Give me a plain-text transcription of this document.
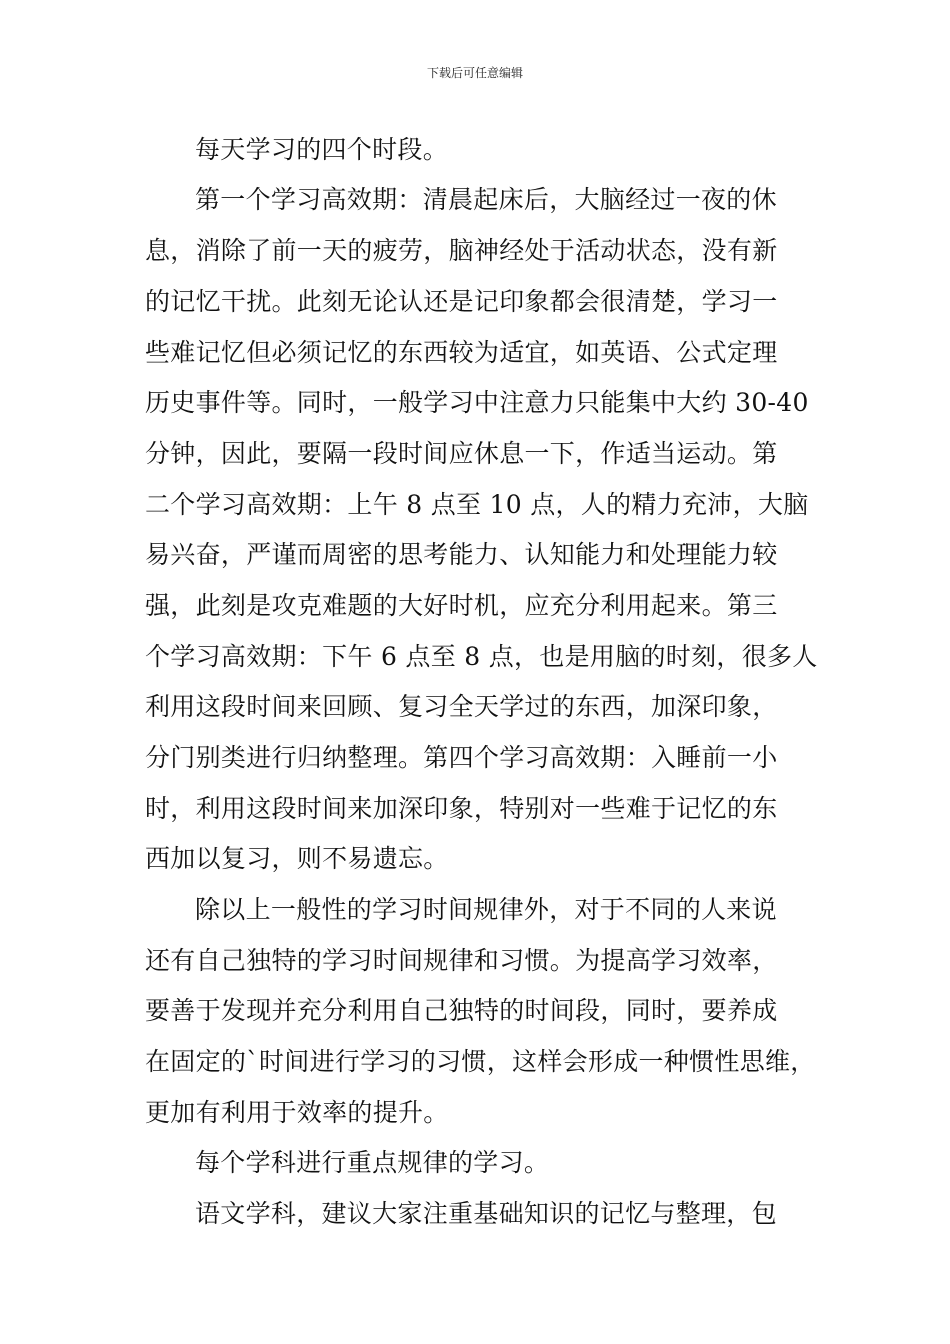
下载后可任意编辑
每天学习的四个时段。
第一个学习高效期：清晨起床后，大脑经过一夜的休
息，消除了前一天的疲劳，脑神经处于活动状态，没有新
的记忆干扰。此刻无论认还是记印象都会很清楚，学习一
些难记忆但必须记忆的东西较为适宜，如英语、公式定理
历史事件等。同时，一般学习中注意力只能集中大约 30-40
分钟，因此，要隔一段时间应休息一下，作适当运动。第
二个学习高效期：上午 8 点至 10 点，人的精力充沛，大脑
易兴奋，严谨而周密的思考能力、认知能力和处理能力较
强，此刻是攻克难题的大好时机，应充分利用起来。第三
个学习高效期：下午 6 点至 8 点，也是用脑的时刻，很多人
利用这段时间来回顾、复习全天学过的东西，加深印象，
分门别类进行归纳整理。第四个学习高效期：入睡前一小
时，利用这段时间来加深印象，特别对一些难于记忆的东
西加以复习，则不易遗忘。
除以上一般性的学习时间规律外，对于不同的人来说
还有自己独特的学习时间规律和习惯。为提高学习效率，
要善于发现并充分利用自己独特的时间段，同时，要养成
在固定的`时间进行学习的习惯，这样会形成一种惯性思维，
更加有利用于效率的提升。
每个学科进行重点规律的学习。
语文学科，建议大家注重基础知识的记忆与整理，包
